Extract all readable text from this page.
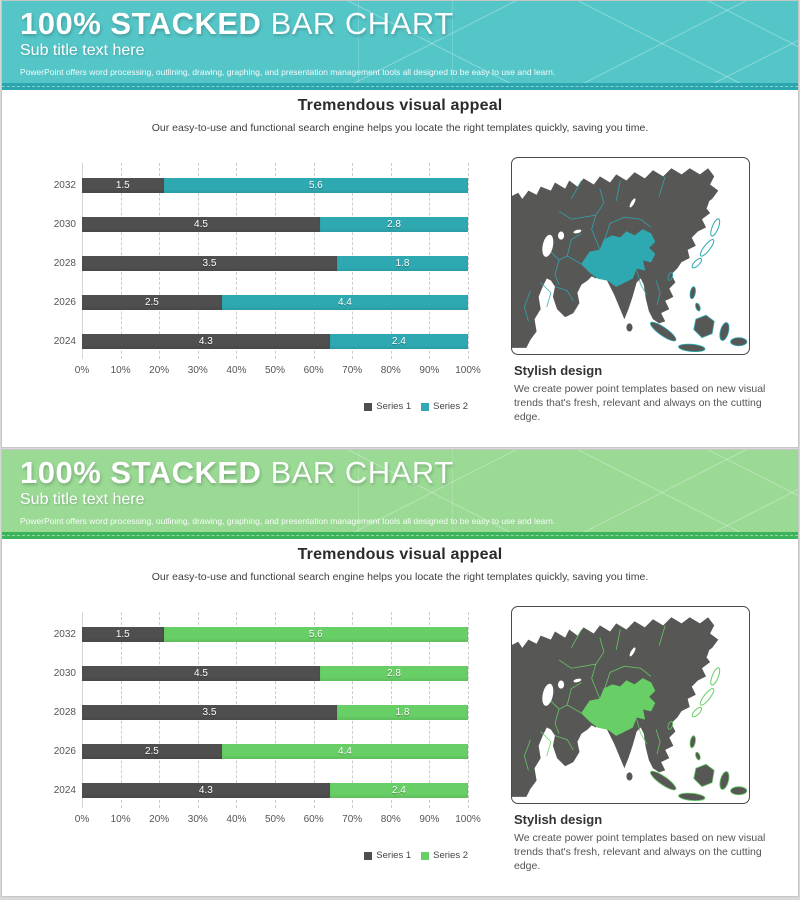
100% STACKED BAR CHART
Sub title text here
PowerPoint offers word processing, outlining, drawing, graphing, and presentation management tools all designed to be easy to use and learn.
Tremendous visual appeal
Our easy-to-use and functional search engine helps you locate the right templates quickly, saving you time.
2032	1.5	5.6
2030	4.5	2.8
2028	3.5	1.8
2026	2.5	4.4
2024	4.3	2.4
0% 10% 20% 30% 40% 50% 60% 70% 80% 90% 100%
Series 1 Series 2
Stylish design
We create power point templates based on new visual trends that's fresh, relevant and always on the cutting edge.
100% STACKED BAR CHART
Sub title text here
PowerPoint offers word processing, outlining, drawing, graphing, and presentation management tools all designed to be easy to use and learn.
Tremendous visual appeal
Our easy-to-use and functional search engine helps you locate the right templates quickly, saving you time.
2032	1.5	5.6
2030	4.5	2.8
2028	3.5	1.8
2026	2.5	4.4
2024	4.3	2.4
0% 10% 20% 30% 40% 50% 60% 70% 80% 90% 100%
Series 1 Series 2
Stylish design
We create power point templates based on new visual trends that's fresh, relevant and always on the cutting edge.
